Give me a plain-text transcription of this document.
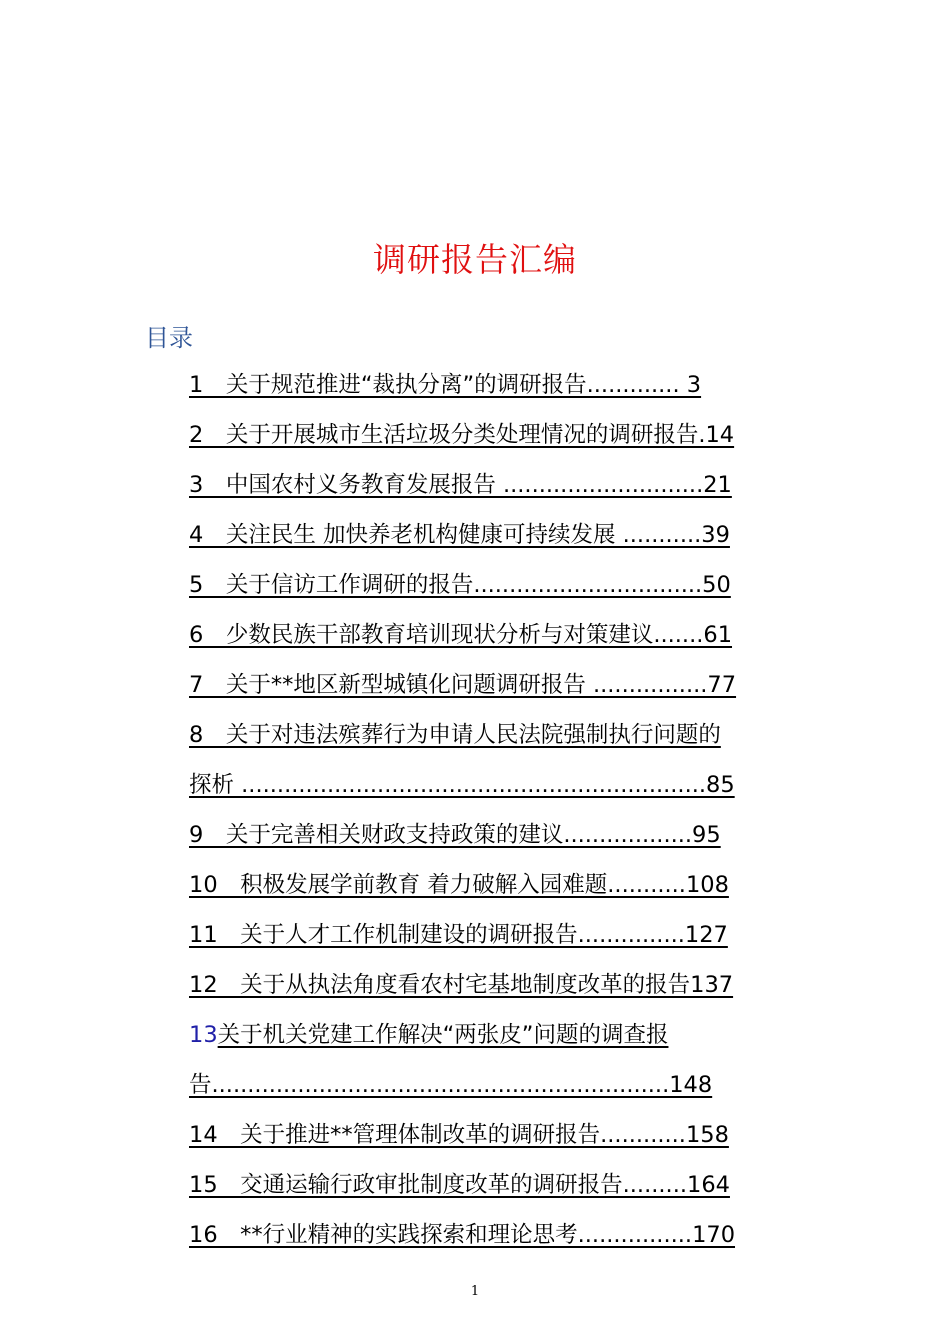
调研报告汇编
目录
1　关于规范推进“裁执分离”的调研报告............. 3
2　关于开展城市生活垃圾分类处理情况的调研报告.14
3　中国农村义务教育发展报告 ............................21
4　关注民生 加快养老机构健康可持续发展 ...........39
5　关于信访工作调研的报告................................50
6　少数民族干部教育培训现状分析与对策建议.......61
7　关于**地区新型城镇化问题调研报告 ................77
8　关于对违法殡葬行为申请人民法院强制执行问题的
探析 .................................................................85
9　关于完善相关财政支持政策的建议..................95
10　积极发展学前教育 着力破解入园难题...........108
11　关于人才工作机制建设的调研报告...............127
12　关于从执法角度看农村宅基地制度改革的报告137
13关于机关党建工作解决“两张皮”问题的调查报
告................................................................148
14　关于推进**管理体制改革的调研报告............158
15　交通运输行政审批制度改革的调研报告.........164
16　**行业精神的实践探索和理论思考................170
1
